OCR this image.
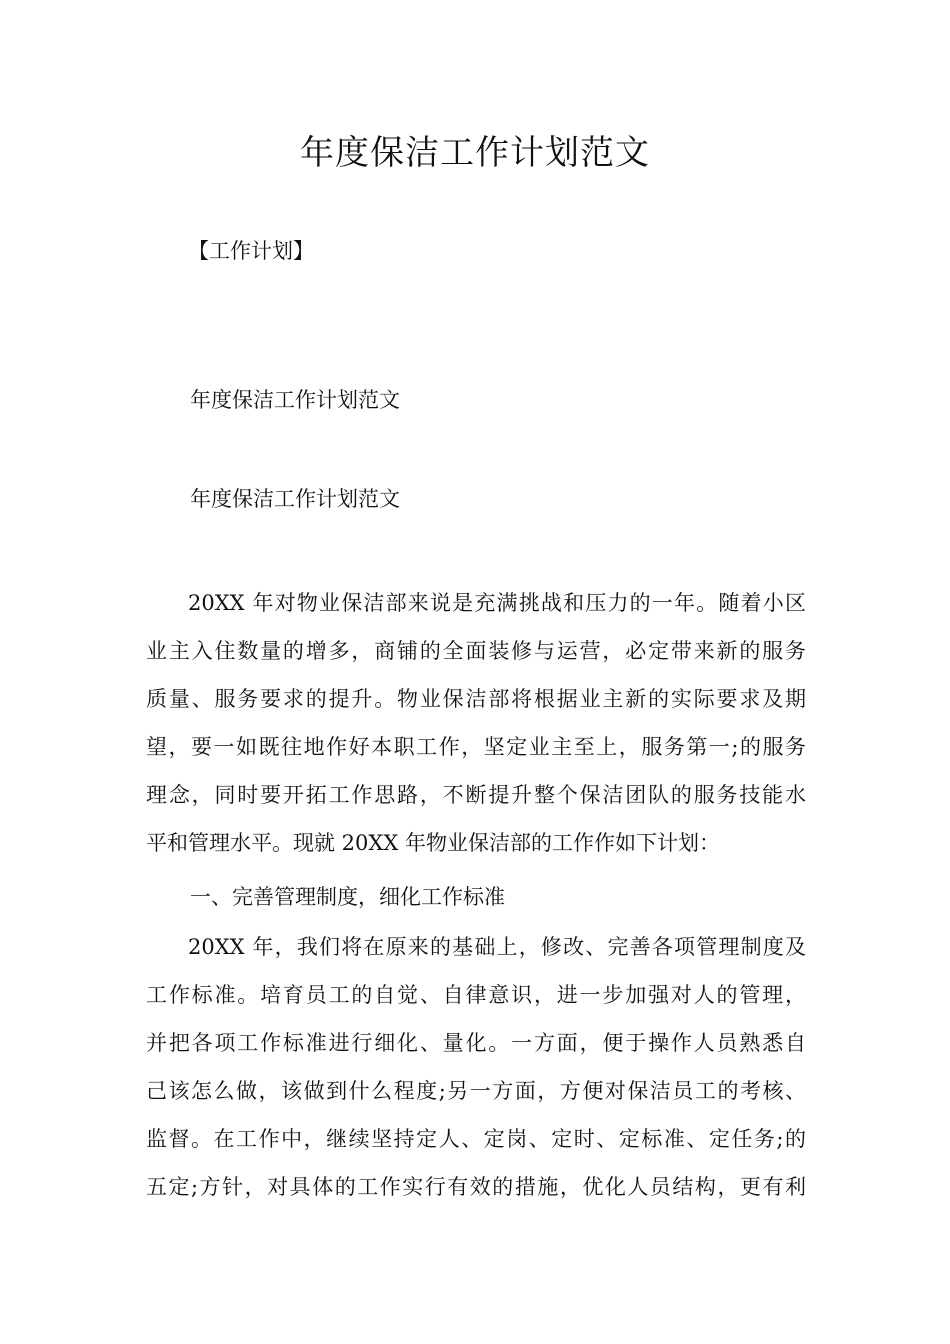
年度保洁工作计划范文

【工作计划】

年度保洁工作计划范文

年度保洁工作计划范文

20XX 年对物业保洁部来说是充满挑战和压力的一年。随着小区
业主入住数量的增多，商铺的全面装修与运营，必定带来新的服务
质量、服务要求的提升。物业保洁部将根据业主新的实际要求及期
望，要一如既往地作好本职工作，坚定业主至上，服务第一;的服务
理念，同时要开拓工作思路，不断提升整个保洁团队的服务技能水
平和管理水平。现就 20XX 年物业保洁部的工作作如下计划：

一、完善管理制度，细化工作标准

20XX 年，我们将在原来的基础上，修改、完善各项管理制度及
工作标准。培育员工的自觉、自律意识，进一步加强对人的管理，
并把各项工作标准进行细化、量化。一方面，便于操作人员熟悉自
己该怎么做，该做到什么程度;另一方面，方便对保洁员工的考核、
监督。在工作中，继续坚持定人、定岗、定时、定标准、定任务;的
五定;方针，对具体的工作实行有效的措施，优化人员结构，更有利
